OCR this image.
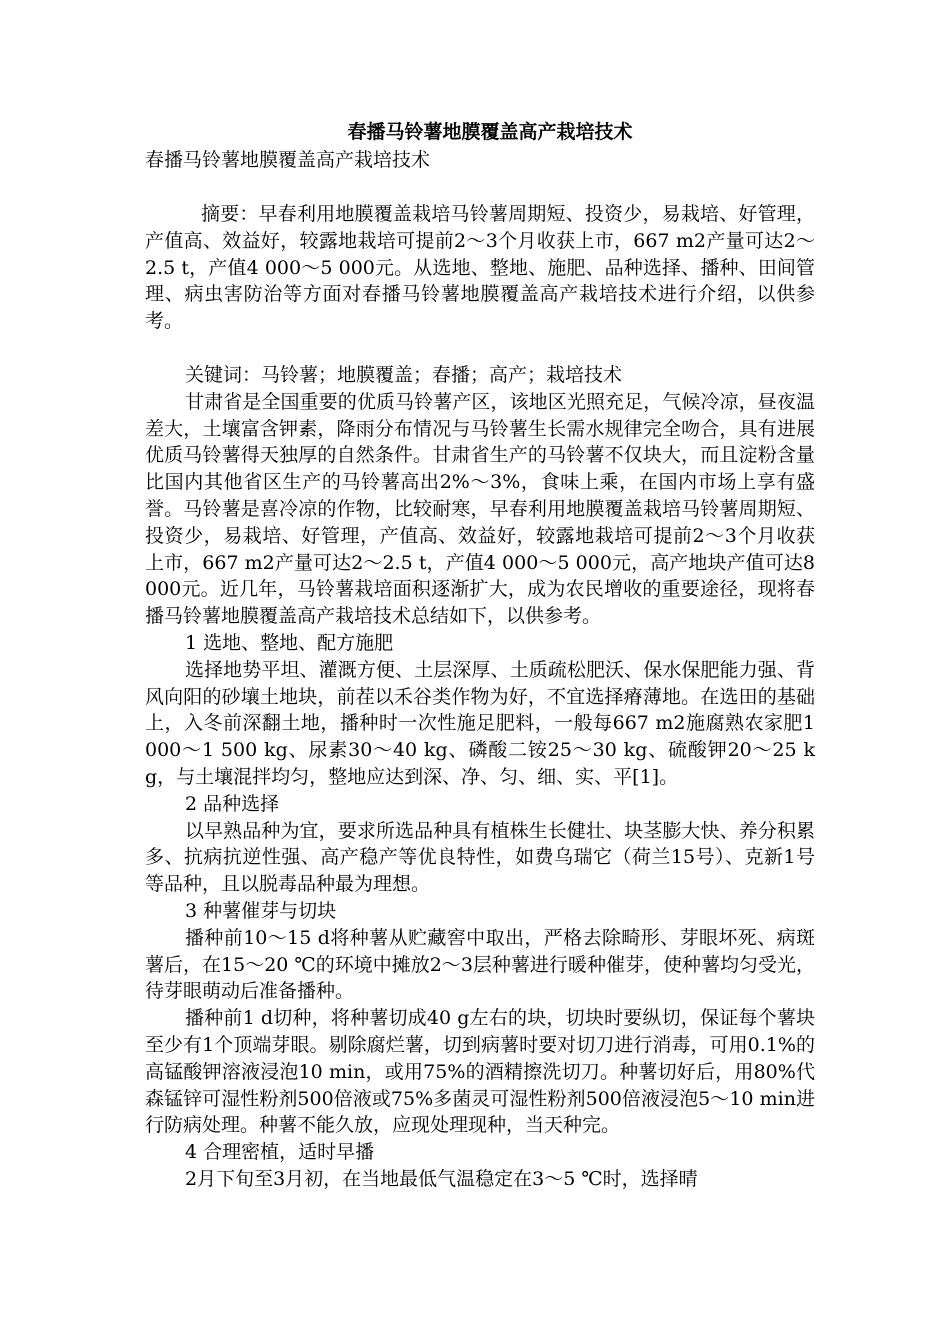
春播马铃薯地膜覆盖高产栽培技术

春播马铃薯地膜覆盖高产栽培技术

摘要：早春利用地膜覆盖栽培马铃薯周期短、投资少，易栽培、好管理，产值高、效益好，较露地栽培可提前2～3个月收获上市，667 m2产量可达2～2.5 t，产值4 000～5 000元。从选地、整地、施肥、品种选择、播种、田间管理、病虫害防治等方面对春播马铃薯地膜覆盖高产栽培技术进行介绍，以供参考。

关键词：马铃薯；地膜覆盖；春播；高产；栽培技术

甘肃省是全国重要的优质马铃薯产区，该地区光照充足，气候冷凉，昼夜温差大，土壤富含钾素，降雨分布情况与马铃薯生长需水规律完全吻合，具有进展优质马铃薯得天独厚的自然条件。甘肃省生产的马铃薯不仅块大，而且淀粉含量比国内其他省区生产的马铃薯高出2%～3%，食味上乘，在国内市场上享有盛誉。马铃薯是喜冷凉的作物，比较耐寒，早春利用地膜覆盖栽培马铃薯周期短、投资少，易栽培、好管理，产值高、效益好，较露地栽培可提前2～3个月收获上市，667 m2产量可达2～2.5 t，产值4 000～5 000元，高产地块产值可达8 000元。近几年，马铃薯栽培面积逐渐扩大，成为农民增收的重要途径，现将春播马铃薯地膜覆盖高产栽培技术总结如下，以供参考。

1 选地、整地、配方施肥

选择地势平坦、灌溉方便、土层深厚、土质疏松肥沃、保水保肥能力强、背风向阳的砂壤土地块，前茬以禾谷类作物为好，不宜选择瘠薄地。在选田的基础上，入冬前深翻土地，播种时一次性施足肥料，一般每667 m2施腐熟农家肥1 000～1 500 kg、尿素30～40 kg、磷酸二铵25～30 kg、硫酸钾20～25 kg，与土壤混拌均匀，整地应达到深、净、匀、细、实、平[1]。

2 品种选择

以早熟品种为宜，要求所选品种具有植株生长健壮、块茎膨大快、养分积累多、抗病抗逆性强、高产稳产等优良特性，如费乌瑞它（荷兰15号）、克新1号等品种，且以脱毒品种最为理想。

3 种薯催芽与切块

播种前10～15 d将种薯从贮藏窖中取出，严格去除畸形、芽眼坏死、病斑薯后，在15～20 ℃的环境中摊放2～3层种薯进行暖种催芽，使种薯均匀受光，待芽眼萌动后准备播种。

播种前1 d切种，将种薯切成40 g左右的块，切块时要纵切，保证每个薯块至少有1个顶端芽眼。剔除腐烂薯，切到病薯时要对切刀进行消毒，可用0.1%的高锰酸钾溶液浸泡10 min，或用75%的酒精擦洗切刀。种薯切好后，用80%代森锰锌可湿性粉剂500倍液或75%多菌灵可湿性粉剂500倍液浸泡5～10 min进行防病处理。种薯不能久放，应现处理现种，当天种完。

4 合理密植，适时早播

2月下旬至3月初，在当地最低气温稳定在3～5 ℃时，选择晴
